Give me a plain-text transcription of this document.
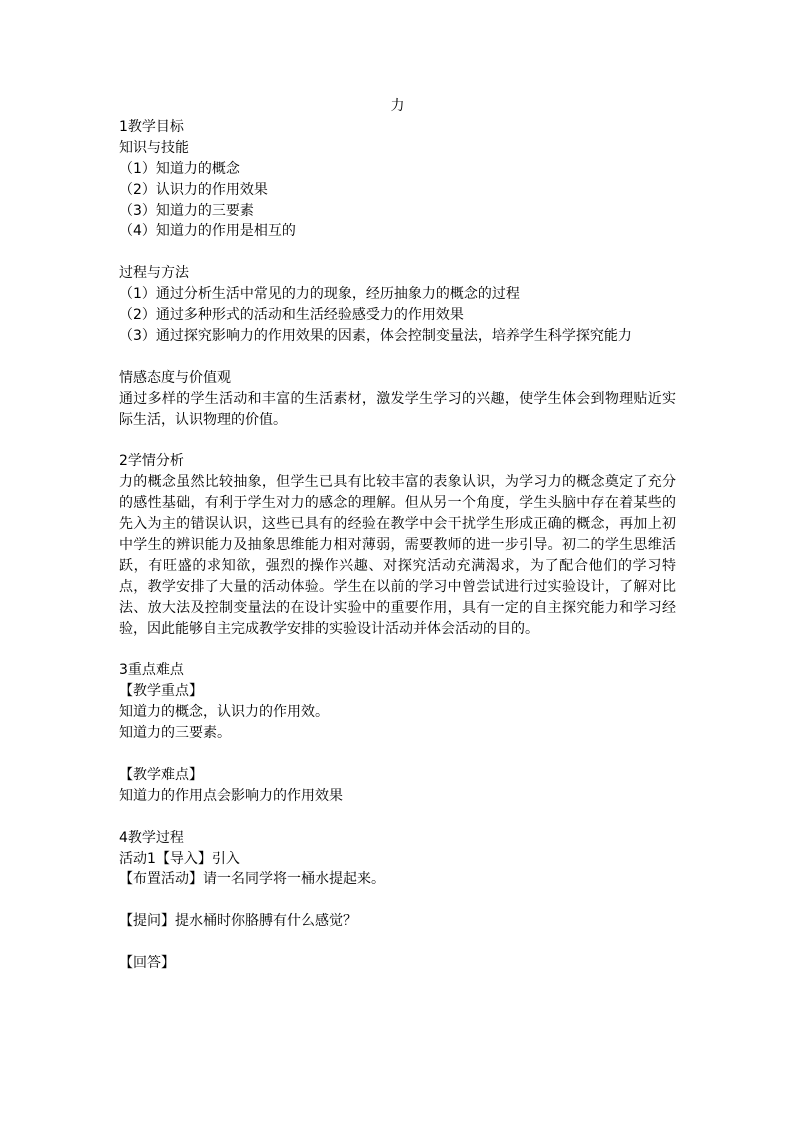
力

1教学目标

知识与技能

（1）知道力的概念

（2）认识力的作用效果

（3）知道力的三要素

（4）知道力的作用是相互的

过程与方法

（1）通过分析生活中常见的力的现象，经历抽象力的概念的过程

（2）通过多种形式的活动和生活经验感受力的作用效果

（3）通过探究影响力的作用效果的因素，体会控制变量法，培养学生科学探究能力

情感态度与价值观

通过多样的学生活动和丰富的生活素材，激发学生学习的兴趣，使学生体会到物理贴近实际生活，认识物理的价值。

2学情分析

力的概念虽然比较抽象，但学生已具有比较丰富的表象认识，为学习力的概念奠定了充分的感性基础，有利于学生对力的感念的理解。但从另一个角度，学生头脑中存在着某些的先入为主的错误认识，这些已具有的经验在教学中会干扰学生形成正确的概念，再加上初中学生的辨识能力及抽象思维能力相对薄弱，需要教师的进一步引导。初二的学生思维活跃，有旺盛的求知欲，强烈的操作兴趣、对探究活动充满渴求，为了配合他们的学习特点，教学安排了大量的活动体验。学生在以前的学习中曾尝试进行过实验设计，了解对比法、放大法及控制变量法的在设计实验中的重要作用，具有一定的自主探究能力和学习经验，因此能够自主完成教学安排的实验设计活动并体会活动的目的。

3重点难点

【教学重点】

知道力的概念，认识力的作用效。

知道力的三要素。

【教学难点】

知道力的作用点会影响力的作用效果

4教学过程

活动1【导入】引入

【布置活动】请一名同学将一桶水提起来。

【提问】提水桶时你胳膊有什么感觉？

【回答】
